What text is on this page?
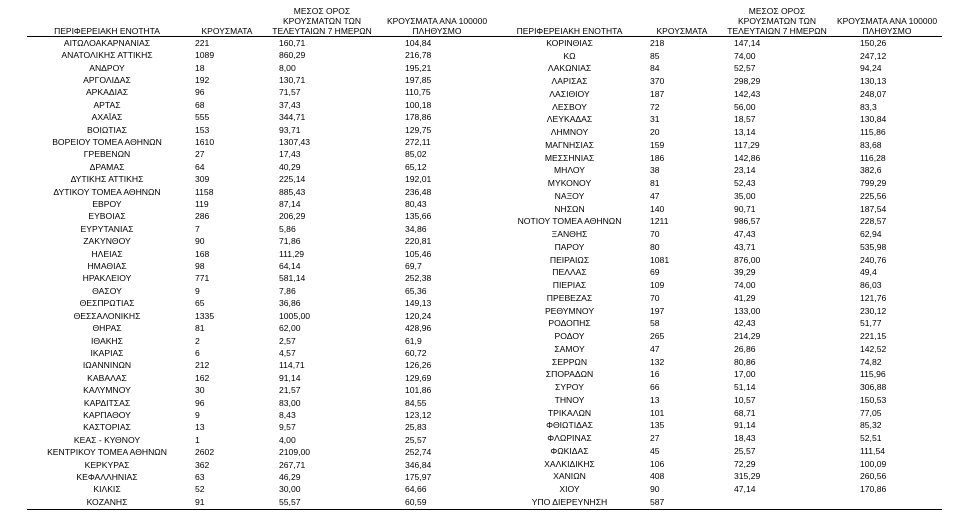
ΠΕΡΙΦΕΡΕΙΑΚΗ ΕΝΟΤΗΤΑ	ΚΡΟΥΣΜΑΤΑ	ΜΕΣΟΣ ΟΡΟΣ ΚΡΟΥΣΜΑΤΩΝ ΤΩΝ ΤΕΛΕΥΤΑΙΩΝ 7 ΗΜΕΡΩΝ	ΚΡΟΥΣΜΑΤΑ ΑΝΑ 100000 ΠΛΗΘΥΣΜΟ
ΑΙΤΩΛΟΑΚΑΡΝΑΝΙΑΣ	221	160,71	104,84
ΑΝΑΤΟΛΙΚΗΣ ΑΤΤΙΚΗΣ	1089	860,29	216,78
ΑΝΔΡΟΥ	18	8,00	195,21
ΑΡΓΟΛΙΔΑΣ	192	130,71	197,85
ΑΡΚΑΔΙΑΣ	96	71,57	110,75
ΑΡΤΑΣ	68	37,43	100,18
ΑΧΑΪΑΣ	555	344,71	178,86
ΒΟΙΩΤΙΑΣ	153	93,71	129,75
ΒΟΡΕΙΟΥ ΤΟΜΕΑ ΑΘΗΝΩΝ	1610	1307,43	272,11
ΓΡΕΒΕΝΩΝ	27	17,43	85,02
ΔΡΑΜΑΣ	64	40,29	65,12
ΔΥΤΙΚΗΣ ΑΤΤΙΚΗΣ	309	225,14	192,01
ΔΥΤΙΚΟΥ ΤΟΜΕΑ ΑΘΗΝΩΝ	1158	885,43	236,48
ΕΒΡΟΥ	119	87,14	80,43
ΕΥΒΟΙΑΣ	286	206,29	135,66
ΕΥΡΥΤΑΝΙΑΣ	7	5,86	34,86
ΖΑΚΥΝΘΟΥ	90	71,86	220,81
ΗΛΕΙΑΣ	168	111,29	105,46
ΗΜΑΘΙΑΣ	98	64,14	69,7
ΗΡΑΚΛΕΙΟΥ	771	581,14	252,38
ΘΑΣΟΥ	9	7,86	65,36
ΘΕΣΠΡΩΤΙΑΣ	65	36,86	149,13
ΘΕΣΣΑΛΟΝΙΚΗΣ	1335	1005,00	120,24
ΘΗΡΑΣ	81	62,00	428,96
ΙΘΑΚΗΣ	2	2,57	61,9
ΙΚΑΡΙΑΣ	6	4,57	60,72
ΙΩΑΝΝΙΝΩΝ	212	114,71	126,26
ΚΑΒΑΛΑΣ	162	91,14	129,69
ΚΑΛΥΜΝΟΥ	30	21,57	101,86
ΚΑΡΔΙΤΣΑΣ	96	83,00	84,55
ΚΑΡΠΑΘΟΥ	9	8,43	123,12
ΚΑΣΤΟΡΙΑΣ	13	9,57	25,83
ΚΕΑΣ - ΚΥΘΝΟΥ	1	4,00	25,57
ΚΕΝΤΡΙΚΟΥ ΤΟΜΕΑ ΑΘΗΝΩΝ	2602	2109,00	252,74
ΚΕΡΚΥΡΑΣ	362	267,71	346,84
ΚΕΦΑΛΛΗΝΙΑΣ	63	46,29	175,97
ΚΙΛΚΙΣ	52	30,00	64,66
ΚΟΖΑΝΗΣ	91	55,57	60,59
ΠΕΡΙΦΕΡΕΙΑΚΗ ΕΝΟΤΗΤΑ	ΚΡΟΥΣΜΑΤΑ	ΜΕΣΟΣ ΟΡΟΣ ΚΡΟΥΣΜΑΤΩΝ ΤΩΝ ΤΕΛΕΥΤΑΙΩΝ 7 ΗΜΕΡΩΝ	ΚΡΟΥΣΜΑΤΑ ΑΝΑ 100000 ΠΛΗΘΥΣΜΟ
ΚΟΡΙΝΘΙΑΣ	218	147,14	150,26
ΚΩ	85	74,00	247,12
ΛΑΚΩΝΙΑΣ	84	52,57	94,24
ΛΑΡΙΣΑΣ	370	298,29	130,13
ΛΑΣΙΘΙΟΥ	187	142,43	248,07
ΛΕΣΒΟΥ	72	56,00	83,3
ΛΕΥΚΑΔΑΣ	31	18,57	130,84
ΛΗΜΝΟΥ	20	13,14	115,86
ΜΑΓΝΗΣΙΑΣ	159	117,29	83,68
ΜΕΣΣΗΝΙΑΣ	186	142,86	116,28
ΜΗΛΟΥ	38	23,14	382,6
ΜΥΚΟΝΟΥ	81	52,43	799,29
ΝΑΞΟΥ	47	35,00	225,56
ΝΗΣΩΝ	140	90,71	187,54
ΝΟΤΙΟΥ ΤΟΜΕΑ ΑΘΗΝΩΝ	1211	986,57	228,57
ΞΑΝΘΗΣ	70	47,43	62,94
ΠΑΡΟΥ	80	43,71	535,98
ΠΕΙΡΑΙΩΣ	1081	876,00	240,76
ΠΕΛΛΑΣ	69	39,29	49,4
ΠΙΕΡΙΑΣ	109	74,00	86,03
ΠΡΕΒΕΖΑΣ	70	41,29	121,76
ΡΕΘΥΜΝΟΥ	197	133,00	230,12
ΡΟΔΟΠΗΣ	58	42,43	51,77
ΡΟΔΟΥ	265	214,29	221,15
ΣΑΜΟΥ	47	26,86	142,52
ΣΕΡΡΩΝ	132	80,86	74,82
ΣΠΟΡΑΔΩΝ	16	17,00	115,96
ΣΥΡΟΥ	66	51,14	306,88
ΤΗΝΟΥ	13	10,57	150,53
ΤΡΙΚΑΛΩΝ	101	68,71	77,05
ΦΘΙΩΤΙΔΑΣ	135	91,14	85,32
ΦΛΩΡΙΝΑΣ	27	18,43	52,51
ΦΩΚΙΔΑΣ	45	25,57	111,54
ΧΑΛΚΙΔΙΚΗΣ	106	72,29	100,09
ΧΑΝΙΩΝ	408	315,29	260,56
ΧΙΟΥ	90	47,14	170,86
ΥΠΟ ΔΙΕΡΕΥΝΗΣΗ	587		
